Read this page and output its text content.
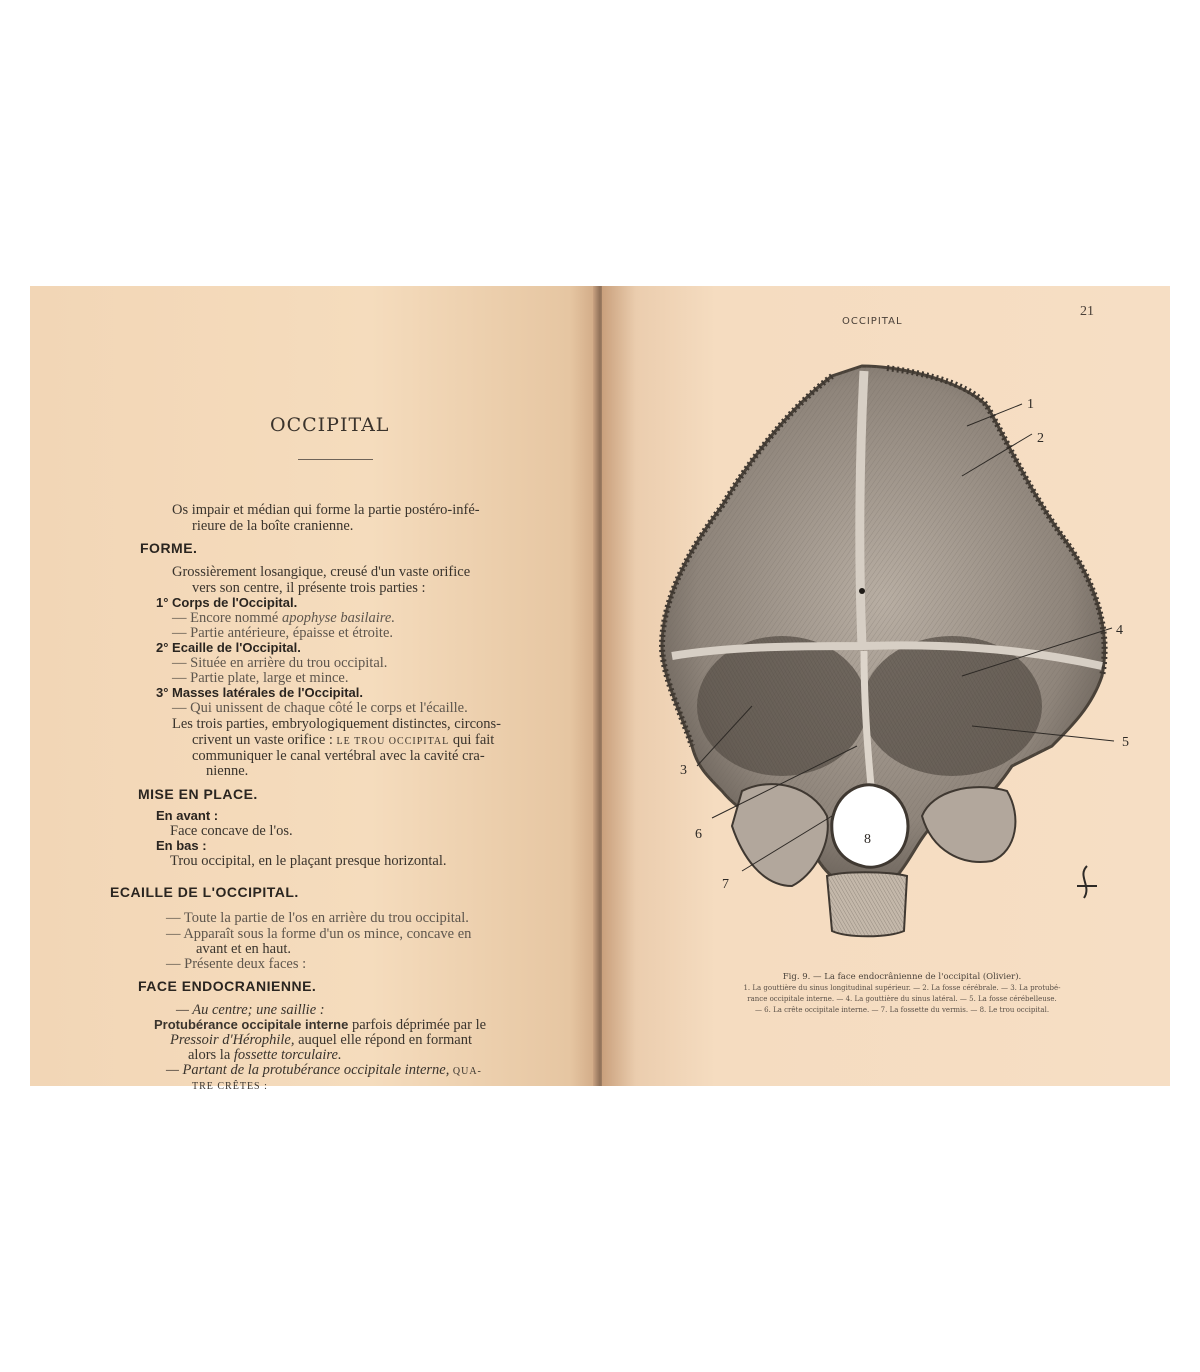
OCCIPITAL
Os impair et médian qui forme la partie postéro-infé-
rieure de la boîte cranienne.
FORME.
Grossièrement losangique, creusé d'un vaste orifice
vers son centre, il présente trois parties :
1° Corps de l'Occipital.
— Encore nommé apophyse basilaire.
— Partie antérieure, épaisse et étroite.
2° Ecaille de l'Occipital.
— Située en arrière du trou occipital.
— Partie plate, large et mince.
3° Masses latérales de l'Occipital.
— Qui unissent de chaque côté le corps et l'écaille.
Les trois parties, embryologiquement distinctes, circons-
crivent un vaste orifice : LE TROU OCCIPITAL qui fait
communiquer le canal vertébral avec la cavité cra-
nienne.
MISE EN PLACE.
En avant :
Face concave de l'os.
En bas :
Trou occipital, en le plaçant presque horizontal.
ECAILLE DE L'OCCIPITAL.
— Toute la partie de l'os en arrière du trou occipital.
— Apparaît sous la forme d'un os mince, concave en
avant et en haut.
— Présente deux faces :
FACE ENDOCRANIENNE.
— Au centre; une saillie :
Protubérance occipitale interne parfois déprimée par le
Pressoir d'Hérophile, auquel elle répond en formant
alors la fossette torculaire.
— Partant de la protubérance occipitale interne, QUA-
TRE CRÊTES :
OCCIPITAL
21
1
2
3
4
5
6
7
8
Fig. 9. — La face endocrânienne de l'occipital (Olivier).
1. La gouttière du sinus longitudinal supérieur. — 2. La fosse cérébrale. — 3. La protubé-
rance occipitale interne. — 4. La gouttière du sinus latéral. — 5. La fosse cérébelleuse.
— 6. La crête occipitale interne. — 7. La fossette du vermis. — 8. Le trou occipital.
